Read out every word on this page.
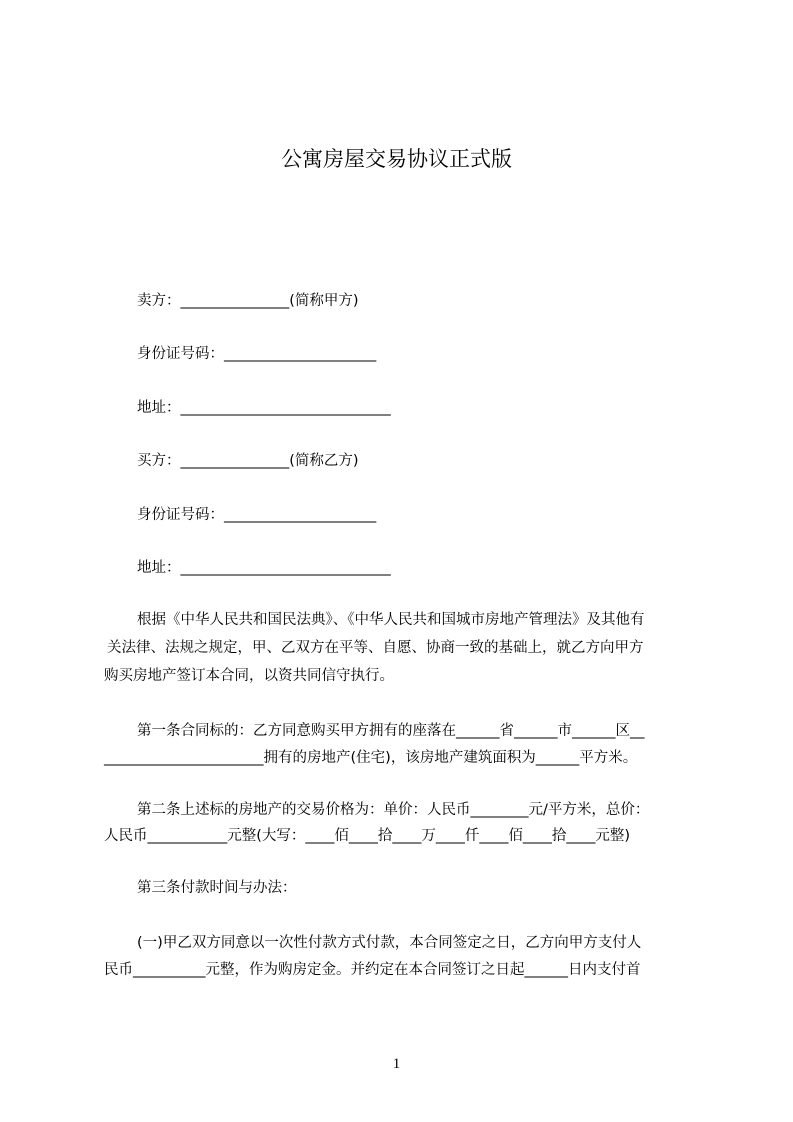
公寓房屋交易协议正式版
卖方：_______________(简称甲方)
身份证号码：_____________________
地址：_____________________________
买方：_______________(简称乙方)
身份证号码：_____________________
地址：_____________________________
根据《中华人民共和国民法典》、《中华人民共和国城市房地产管理法》及其他有
关法律、法规之规定，甲、乙双方在平等、自愿、协商一致的基础上，就乙方向甲方
购买房地产签订本合同，以资共同信守执行。
第一条合同标的：乙方同意购买甲方拥有的座落在______省______市______区__
______________________拥有的房地产(住宅)，该房地产建筑面积为______平方米。
第二条上述标的房地产的交易价格为：单价：人民币________元/平方米，总价：
人民币___________元整(大写：____佰____拾____万____仟____佰____拾____元整)
第三条付款时间与办法：
(一)甲乙双方同意以一次性付款方式付款，本合同签定之日，乙方向甲方支付人
民币__________元整，作为购房定金。并约定在本合同签订之日起______日内支付首
1
